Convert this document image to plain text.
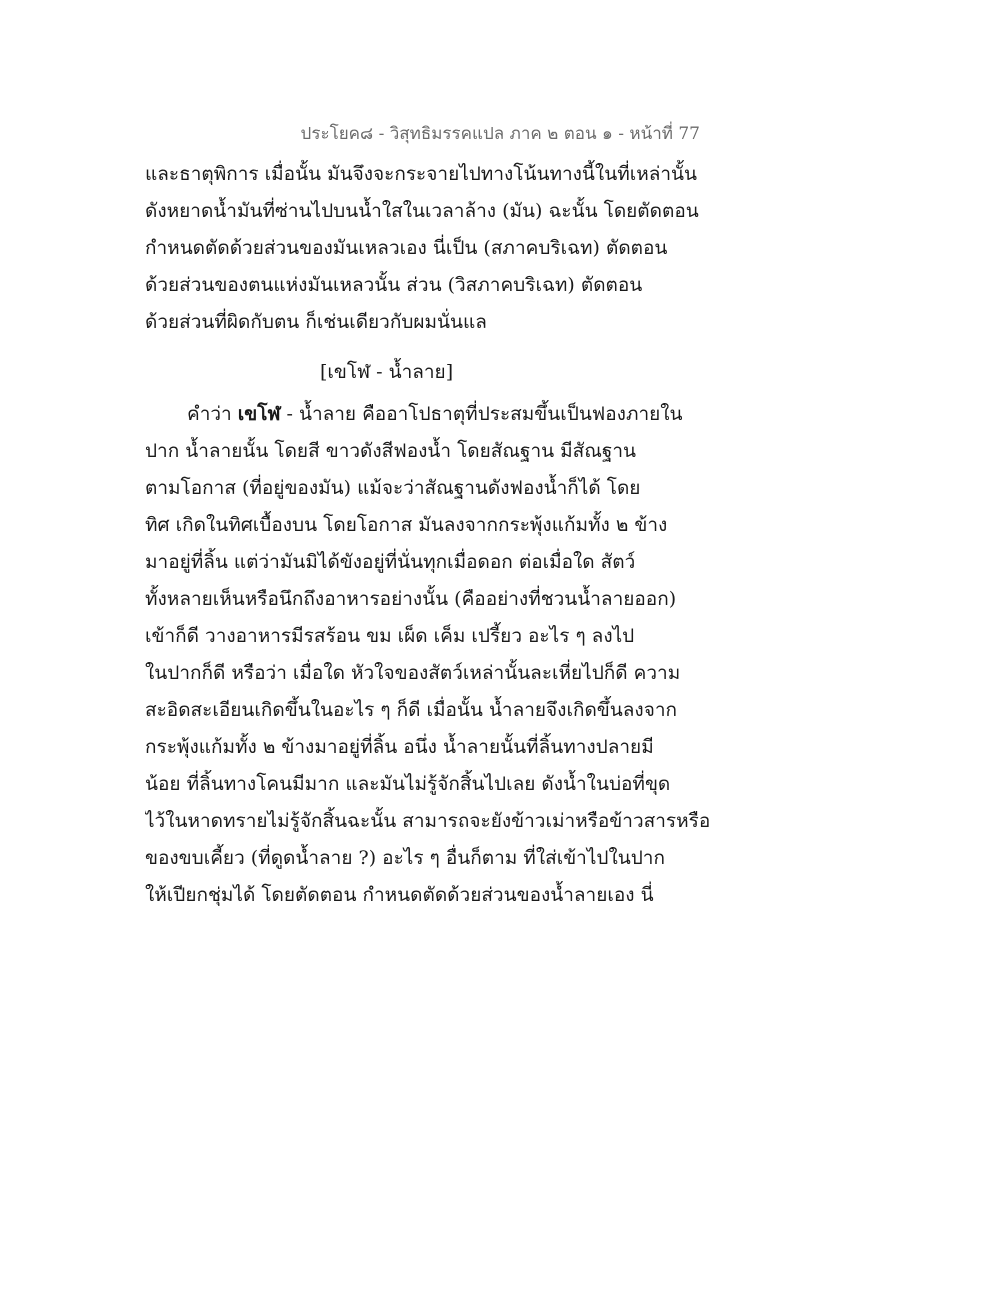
ประโยค๘ - วิสุทธิมรรคแปล ภาค ๒ ตอน ๑ - หน้าที่ 77
และธาตุพิการ เมื่อนั้น มันจึงจะกระจายไปทางโน้นทางนี้ในที่เหล่านั้น
ดังหยาดน้ำมันที่ซ่านไปบนน้ำใสในเวลาล้าง (มัน) ฉะนั้น โดยตัดตอน
กำหนดตัดด้วยส่วนของมันเหลวเอง นี่เป็น (สภาคบริเฉท) ตัดตอน
ด้วยส่วนของตนแห่งมันเหลวนั้น ส่วน (วิสภาคบริเฉท) ตัดตอน
ด้วยส่วนที่ผิดกับตน ก็เช่นเดียวกับผมนั่นแล
[เขโฬ - น้ำลาย]
คำว่า เขโฬ - น้ำลาย คืออาโปธาตุที่ประสมขึ้นเป็นฟองภายใน
ปาก น้ำลายนั้น โดยสี ขาวดังสีฟองน้ำ โดยสัณฐาน มีสัณฐาน
ตามโอกาส (ที่อยู่ของมัน) แม้จะว่าสัณฐานดังฟองน้ำก็ได้ โดย
ทิศ เกิดในทิศเบื้องบน โดยโอกาส มันลงจากกระพุ้งแก้มทั้ง ๒ ข้าง
มาอยู่ที่ลิ้น แต่ว่ามันมิได้ขังอยู่ที่นั่นทุกเมื่อดอก ต่อเมื่อใด สัตว์
ทั้งหลายเห็นหรือนึกถึงอาหารอย่างนั้น (คืออย่างที่ชวนน้ำลายออก)
เข้าก็ดี วางอาหารมีรสร้อน ขม เผ็ด เค็ม เปรี้ยว อะไร ๆ ลงไป
ในปากก็ดี หรือว่า เมื่อใด หัวใจของสัตว์เหล่านั้นละเหี่ยไปก็ดี ความ
สะอิดสะเอียนเกิดขึ้นในอะไร ๆ ก็ดี เมื่อนั้น น้ำลายจึงเกิดขึ้นลงจาก
กระพุ้งแก้มทั้ง ๒ ข้างมาอยู่ที่ลิ้น อนึ่ง น้ำลายนั้นที่ลิ้นทางปลายมี
น้อย ที่ลิ้นทางโคนมีมาก และมันไม่รู้จักสิ้นไปเลย ดังน้ำในบ่อที่ขุด
ไว้ในหาดทรายไม่รู้จักสิ้นฉะนั้น สามารถจะยังข้าวเม่าหรือข้าวสารหรือ
ของขบเคี้ยว (ที่ดูดน้ำลาย ?) อะไร ๆ อื่นก็ตาม ที่ใส่เข้าไปในปาก
ให้เปียกชุ่มได้ โดยตัดตอน กำหนดตัดด้วยส่วนของน้ำลายเอง นี่
